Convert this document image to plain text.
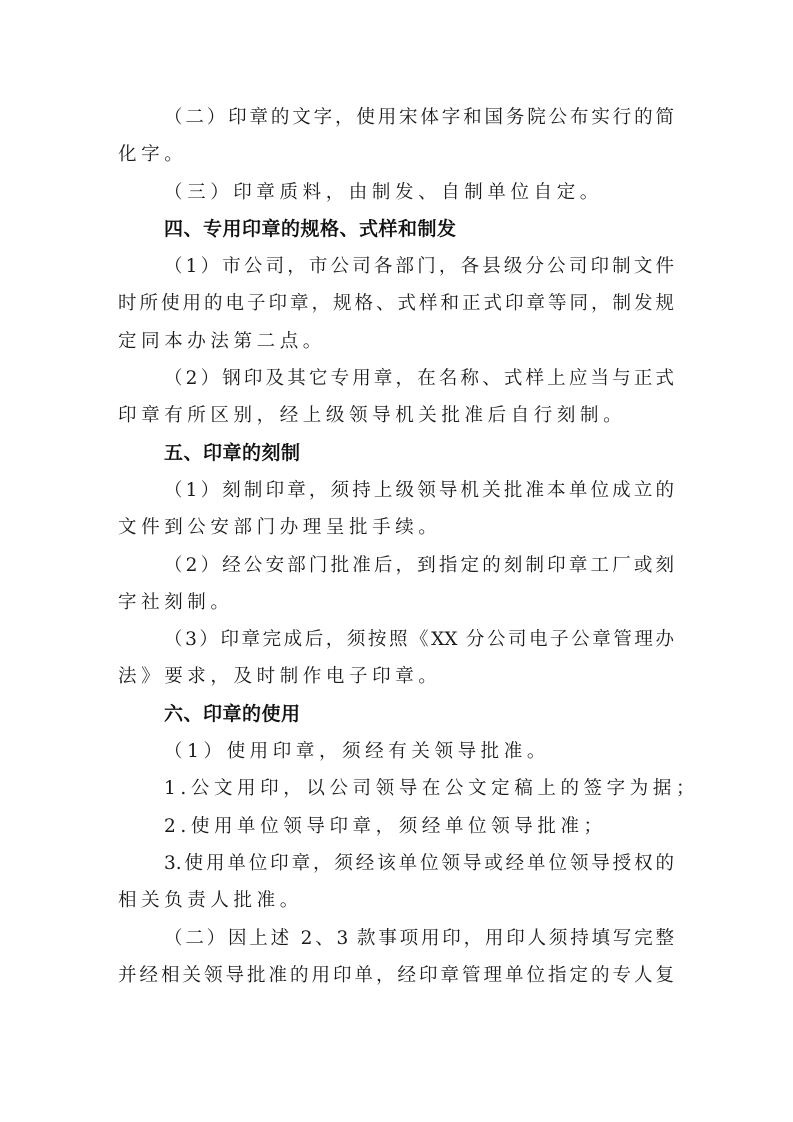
（二）印章的文字，使用宋体字和国务院公布实行的简
化字。
（三）印章质料，由制发、自制单位自定。
四、专用印章的规格、式样和制发
（1）市公司，市公司各部门，各县级分公司印制文件
时所使用的电子印章，规格、式样和正式印章等同，制发规
定同本办法第二点。
（2）钢印及其它专用章，在名称、式样上应当与正式
印章有所区别，经上级领导机关批准后自行刻制。
五、印章的刻制
（1）刻制印章，须持上级领导机关批准本单位成立的
文件到公安部门办理呈批手续。
（2）经公安部门批准后，到指定的刻制印章工厂或刻
字社刻制。
（3）印章完成后，须按照《XX 分公司电子公章管理办
法》要求，及时制作电子印章。
六、印章的使用
（1）使用印章，须经有关领导批准。
1.公文用印，以公司领导在公文定稿上的签字为据；
2.使用单位领导印章，须经单位领导批准；
3.使用单位印章，须经该单位领导或经单位领导授权的
相关负责人批准。
（二）因上述 2、3 款事项用印，用印人须持填写完整
并经相关领导批准的用印单，经印章管理单位指定的专人复
